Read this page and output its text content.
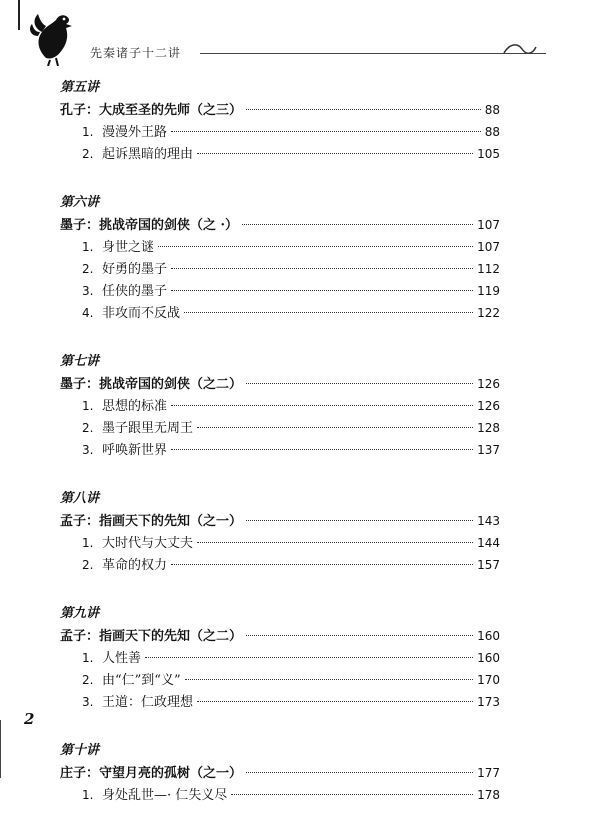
先秦诸子十二讲
第五讲
孔子：大成至圣的先师（之三）	88
1. 漫漫外王路	88
2. 起诉黑暗的理由	105
第六讲
墨子：挑战帝国的剑侠（之 ·）	107
1. 身世之谜	107
2. 好勇的墨子	112
3. 任侠的墨子	119
4. 非攻而不反战	122
第七讲
墨子：挑战帝国的剑侠（之二）	126
1. 思想的标准	126
2. 墨子跟里无周王	128
3. 呼唤新世界	137
第八讲
孟子：指画天下的先知（之一）	143
1. 大时代与大丈夫	144
2. 革命的权力	157
第九讲
孟子：指画天下的先知（之二）	160
1. 人性善	160
2. 由“仁”到“义”	170
3. 王道：仁政理想	173
第十讲
庄子：守望月亮的孤树（之一）	177
1. 身处乱世—· 仁失义尽	178
2
